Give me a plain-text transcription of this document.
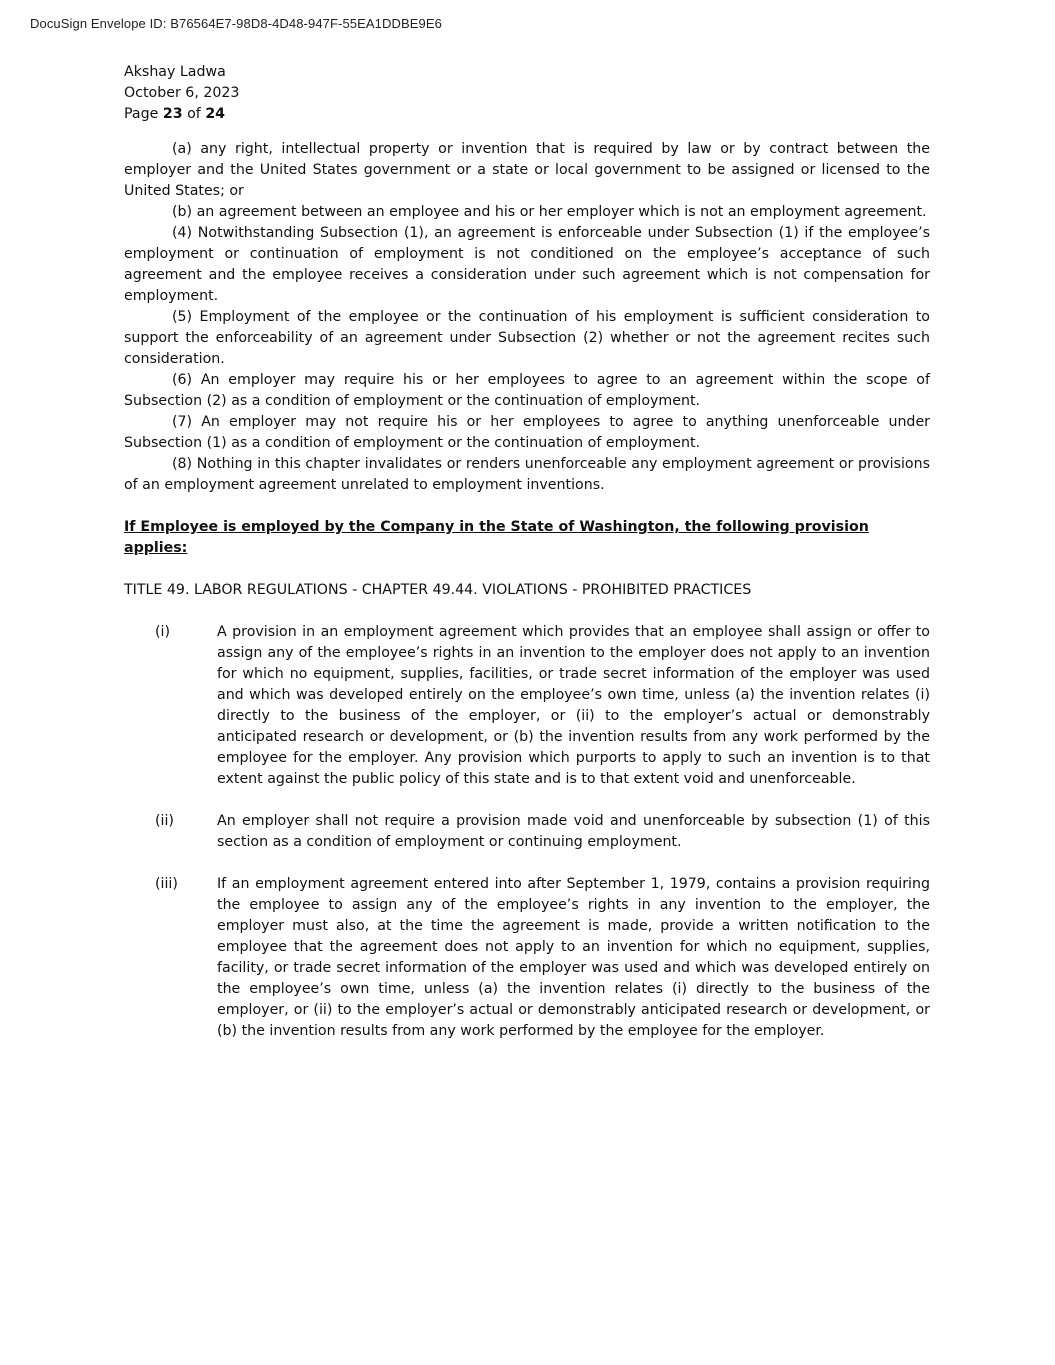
DocuSign Envelope ID: B76564E7-98D8-4D48-947F-55EA1DDBE9E6
Akshay Ladwa
October 6, 2023
Page 23 of 24

(a) any right, intellectual property or invention that is required by law or by contract between the employer and the United States government or a state or local government to be assigned or licensed to the United States; or

(b) an agreement between an employee and his or her employer which is not an employment agreement.

(4) Notwithstanding Subsection (1), an agreement is enforceable under Subsection (1) if the employee’s employment or continuation of employment is not conditioned on the employee’s acceptance of such agreement and the employee receives a consideration under such agreement which is not compensation for employment.

(5) Employment of the employee or the continuation of his employment is sufficient consideration to support the enforceability of an agreement under Subsection (2) whether or not the agreement recites such consideration.

(6) An employer may require his or her employees to agree to an agreement within the scope of Subsection (2) as a condition of employment or the continuation of employment.

(7) An employer may not require his or her employees to agree to anything unenforceable under Subsection (1) as a condition of employment or the continuation of employment.

(8) Nothing in this chapter invalidates or renders unenforceable any employment agreement or provisions of an employment agreement unrelated to employment inventions.

If Employee is employed by the Company in the State of Washington, the following provision applies:
TITLE 49. LABOR REGULATIONS - CHAPTER 49.44. VIOLATIONS - PROHIBITED PRACTICES
(i)	A provision in an employment agreement which provides that an employee shall assign or offer to assign any of the employee’s rights in an invention to the employer does not apply to an invention for which no equipment, supplies, facilities, or trade secret information of the employer was used and which was developed entirely on the employee’s own time, unless (a) the invention relates (i) directly to the business of the employer, or (ii) to the employer’s actual or demonstrably anticipated research or development, or (b) the invention results from any work performed by the employee for the employer. Any provision which purports to apply to such an invention is to that extent against the public policy of this state and is to that extent void and unenforceable.
(ii)	An employer shall not require a provision made void and unenforceable by subsection (1) of this section as a condition of employment or continuing employment.
(iii)	If an employment agreement entered into after September 1, 1979, contains a provision requiring the employee to assign any of the employee’s rights in any invention to the employer, the employer must also, at the time the agreement is made, provide a written notification to the employee that the agreement does not apply to an invention for which no equipment, supplies, facility, or trade secret information of the employer was used and which was developed entirely on the employee’s own time, unless (a) the invention relates (i) directly to the business of the employer, or (ii) to the employer’s actual or demonstrably anticipated research or development, or (b) the invention results from any work performed by the employee for the employer.
